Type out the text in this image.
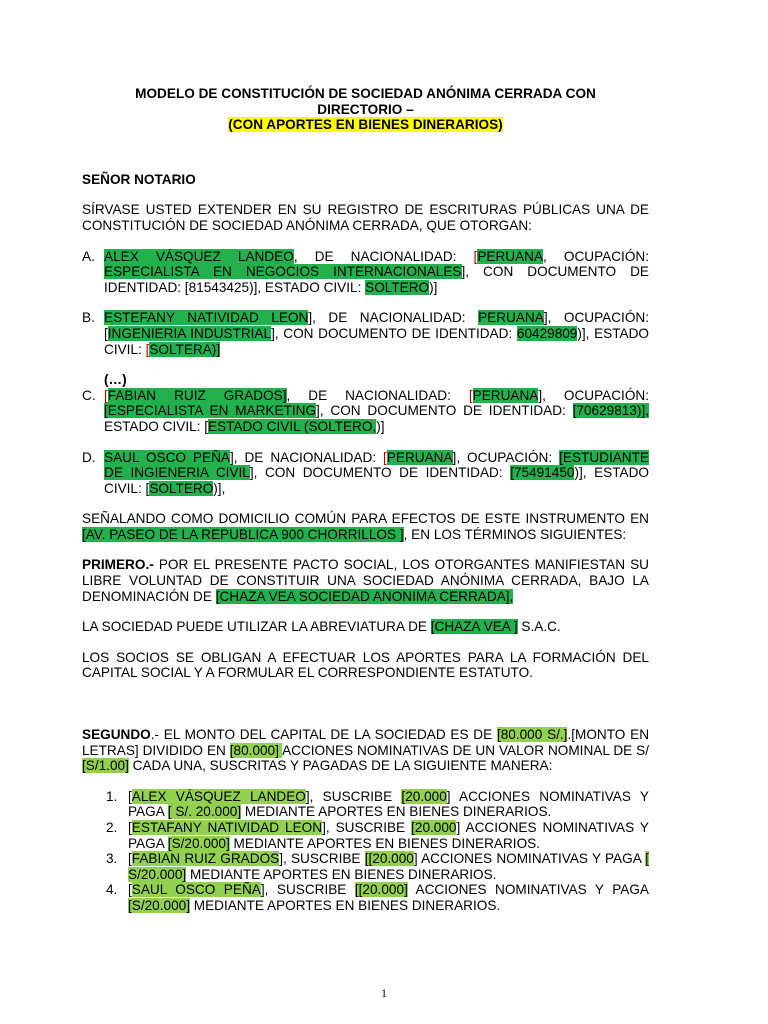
MODELO DE CONSTITUCIÓN DE SOCIEDAD ANÓNIMA CERRADA CON

DIRECTORIO –

(CON APORTES EN BIENES DINERARIOS)

SEÑOR NOTARIO

SÍRVASE USTED EXTENDER EN SU REGISTRO DE ESCRITURAS PÚBLICAS UNA DE CONSTITUCIÓN DE SOCIEDAD ANÓNIMA CERRADA, QUE OTORGAN:

A. ALEX VÁSQUEZ LANDEO, DE NACIONALIDAD: [PERUANA, OCUPACIÓN: ESPECIALISTA EN NEGOCIOS INTERNACIONALES], CON DOCUMENTO DE IDENTIDAD: [81543425)], ESTADO CIVIL: SOLTERO)]
B. ESTEFANY NATIVIDAD LEON], DE NACIONALIDAD: PERUANA], OCUPACIÓN: [INGENIERIA INDUSTRIAL], CON DOCUMENTO DE IDENTIDAD: 60429809)], ESTADO CIVIL: [SOLTERA)]

(…)

C. [FABIAN RUIZ GRADOS], DE NACIONALIDAD: [PERUANA], OCUPACIÓN: [ESPECIALISTA EN MARKETING], CON DOCUMENTO DE IDENTIDAD: [70629813)], ESTADO CIVIL: [ESTADO CIVIL (SOLTERO,)]
D. SAUL OSCO PEÑA], DE NACIONALIDAD: [PERUANA], OCUPACIÓN: [ESTUDIANTE DE INGIENERIA CIVIL], CON DOCUMENTO DE IDENTIDAD: [75491450)], ESTADO CIVIL: [SOLTERO)],

SEÑALANDO COMO DOMICILIO COMÚN PARA EFECTOS DE ESTE INSTRUMENTO EN [AV. PASEO DE LA REPUBLICA 900 CHORRILLOS ], EN LOS TÉRMINOS SIGUIENTES:

PRIMERO.- POR EL PRESENTE PACTO SOCIAL, LOS OTORGANTES MANIFIESTAN SU LIBRE VOLUNTAD DE CONSTITUIR UNA SOCIEDAD ANÓNIMA CERRADA, BAJO LA DENOMINACIÓN DE [CHAZA VEA SOCIEDAD ANONIMA CERRADA],

LA SOCIEDAD PUEDE UTILIZAR LA ABREVIATURA DE [CHAZA VEA ] S.A.C.

LOS SOCIOS SE OBLIGAN A EFECTUAR LOS APORTES PARA LA FORMACIÓN DEL CAPITAL SOCIAL Y A FORMULAR EL CORRESPONDIENTE ESTATUTO.

SEGUNDO.- EL MONTO DEL CAPITAL DE LA SOCIEDAD ES DE [80.000 S/.].[MONTO EN LETRAS] DIVIDIDO EN [80.000] ACCIONES NOMINATIVAS DE UN VALOR NOMINAL DE S/ [S/1.00] CADA UNA, SUSCRITAS Y PAGADAS DE LA SIGUIENTE MANERA:

1. [ALEX VÁSQUEZ LANDEO], SUSCRIBE [20.000] ACCIONES NOMINATIVAS Y PAGA [ S/. 20.000] MEDIANTE APORTES EN BIENES DINERARIOS.
2. [ESTAFANY NATIVIDAD LEON], SUSCRIBE [20.000] ACCIONES NOMINATIVAS Y PAGA [S/20.000] MEDIANTE APORTES EN BIENES DINERARIOS.
3. [FABIAN RUIZ GRADOS], SUSCRIBE [[20.000] ACCIONES NOMINATIVAS Y PAGA [ S/20.000] MEDIANTE APORTES EN BIENES DINERARIOS.
4. [SAUL OSCO PEÑA], SUSCRIBE [[20.000] ACCIONES NOMINATIVAS Y PAGA [S/20.000] MEDIANTE APORTES EN BIENES DINERARIOS.
1
